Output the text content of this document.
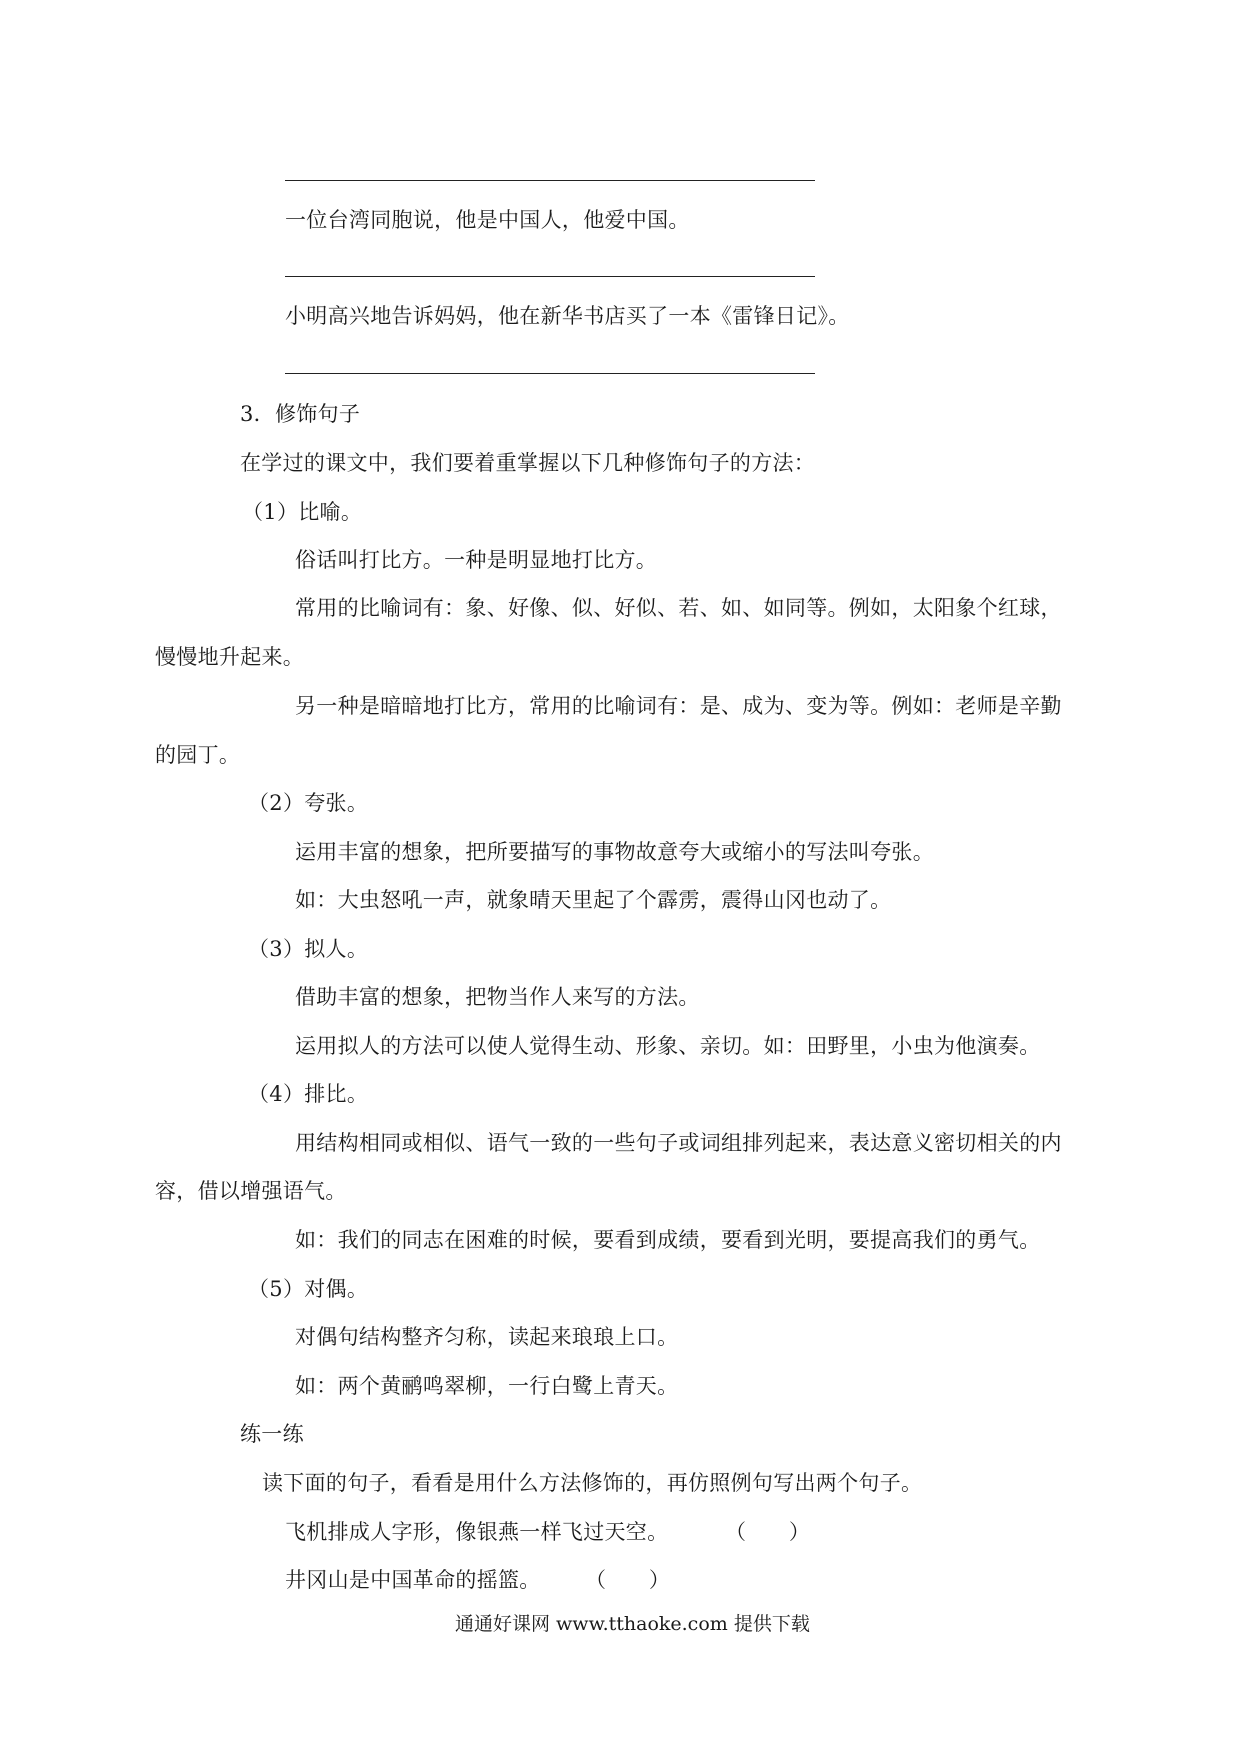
一位台湾同胞说，他是中国人，他爱中国。
小明高兴地告诉妈妈，他在新华书店买了一本《雷锋日记》。
3．修饰句子
在学过的课文中，我们要着重掌握以下几种修饰句子的方法：
（1）比喻。
俗话叫打比方。一种是明显地打比方。
常用的比喻词有：象、好像、似、好似、若、如、如同等。例如，太阳象个红球，
慢慢地升起来。
另一种是暗暗地打比方，常用的比喻词有：是、成为、变为等。例如：老师是辛勤
的园丁。
（2）夸张。
运用丰富的想象，把所要描写的事物故意夸大或缩小的写法叫夸张。
如：大虫怒吼一声，就象晴天里起了个霹雳，震得山冈也动了。
（3）拟人。
借助丰富的想象，把物当作人来写的方法。
运用拟人的方法可以使人觉得生动、形象、亲切。如：田野里，小虫为他演奏。
（4）排比。
用结构相同或相似、语气一致的一些句子或词组排列起来，表达意义密切相关的内
容，借以增强语气。
如：我们的同志在困难的时候，要看到成绩，要看到光明，要提高我们的勇气。
（5）对偶。
对偶句结构整齐匀称，读起来琅琅上口。
如：两个黄鹂鸣翠柳，一行白鹭上青天。
练一练
读下面的句子，看看是用什么方法修饰的，再仿照例句写出两个句子。
飞机排成人字形，像银燕一样飞过天空。	（　　）
井冈山是中国革命的摇篮。 （　　）
通通好课网 www.tthaoke.com 提供下载
